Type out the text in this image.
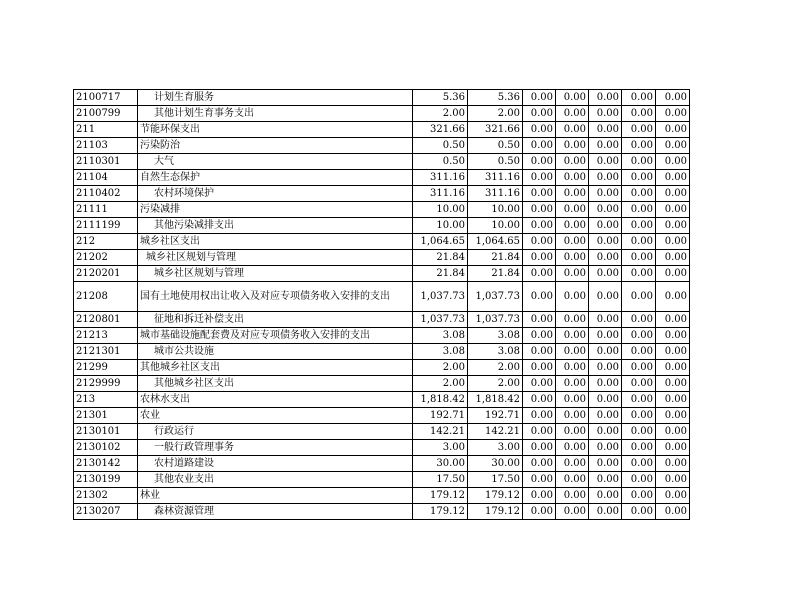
2100717	计划生育服务	5.36	5.36	0.00	0.00	0.00	0.00	0.00
2100799	其他计划生育事务支出	2.00	2.00	0.00	0.00	0.00	0.00	0.00
211	节能环保支出	321.66	321.66	0.00	0.00	0.00	0.00	0.00
21103	污染防治	0.50	0.50	0.00	0.00	0.00	0.00	0.00
2110301	大气	0.50	0.50	0.00	0.00	0.00	0.00	0.00
21104	自然生态保护	311.16	311.16	0.00	0.00	0.00	0.00	0.00
2110402	农村环境保护	311.16	311.16	0.00	0.00	0.00	0.00	0.00
21111	污染减排	10.00	10.00	0.00	0.00	0.00	0.00	0.00
2111199	其他污染减排支出	10.00	10.00	0.00	0.00	0.00	0.00	0.00
212	城乡社区支出	1,064.65	1,064.65	0.00	0.00	0.00	0.00	0.00
21202	城乡社区规划与管理	21.84	21.84	0.00	0.00	0.00	0.00	0.00
2120201	城乡社区规划与管理	21.84	21.84	0.00	0.00	0.00	0.00	0.00
21208	国有土地使用权出让收入及对应专项债务收入安排的支出	1,037.73	1,037.73	0.00	0.00	0.00	0.00	0.00
2120801	征地和拆迁补偿支出	1,037.73	1,037.73	0.00	0.00	0.00	0.00	0.00
21213	城市基础设施配套费及对应专项债务收入安排的支出	3.08	3.08	0.00	0.00	0.00	0.00	0.00
2121301	城市公共设施	3.08	3.08	0.00	0.00	0.00	0.00	0.00
21299	其他城乡社区支出	2.00	2.00	0.00	0.00	0.00	0.00	0.00
2129999	其他城乡社区支出	2.00	2.00	0.00	0.00	0.00	0.00	0.00
213	农林水支出	1,818.42	1,818.42	0.00	0.00	0.00	0.00	0.00
21301	农业	192.71	192.71	0.00	0.00	0.00	0.00	0.00
2130101	行政运行	142.21	142.21	0.00	0.00	0.00	0.00	0.00
2130102	一般行政管理事务	3.00	3.00	0.00	0.00	0.00	0.00	0.00
2130142	农村道路建设	30.00	30.00	0.00	0.00	0.00	0.00	0.00
2130199	其他农业支出	17.50	17.50	0.00	0.00	0.00	0.00	0.00
21302	林业	179.12	179.12	0.00	0.00	0.00	0.00	0.00
2130207	森林资源管理	179.12	179.12	0.00	0.00	0.00	0.00	0.00
